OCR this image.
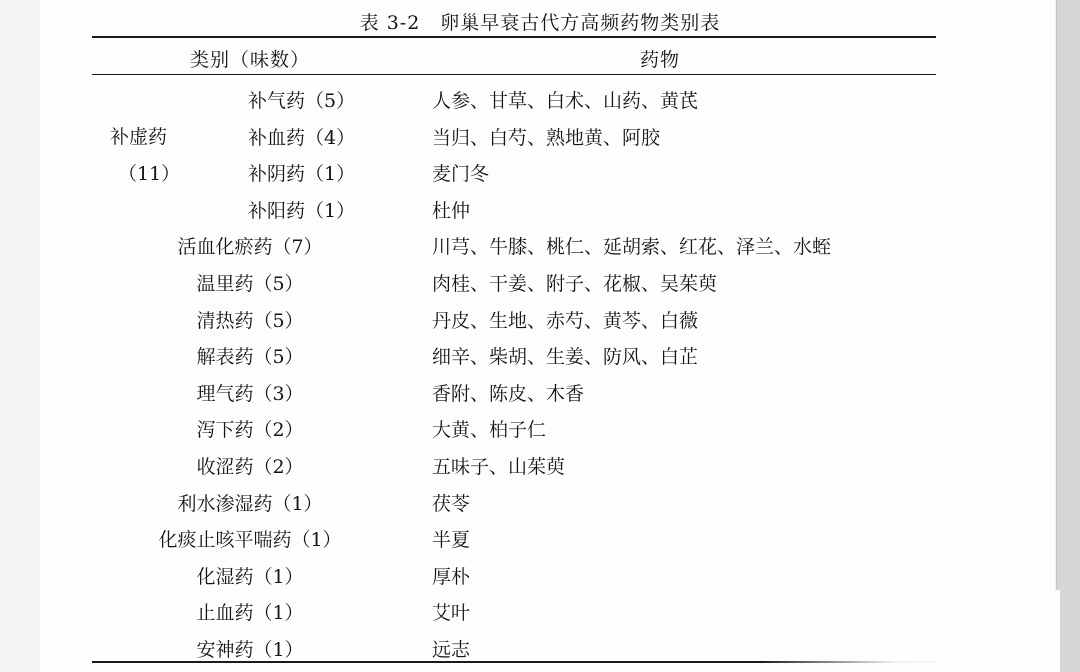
表 3-2　卵巢早衰古代方高频药物类别表
类别（味数）	药物
补虚药
（11）
补气药（5）	人参、甘草、白术、山药、黄芪
补血药（4）	当归、白芍、熟地黄、阿胶
补阴药（1）	麦门冬
补阳药（1）	杜仲
活血化瘀药（7）	川芎、牛膝、桃仁、延胡索、红花、泽兰、水蛭
温里药（5）	肉桂、干姜、附子、花椒、吴茱萸
清热药（5）	丹皮、生地、赤芍、黄芩、白薇
解表药（5）	细辛、柴胡、生姜、防风、白芷
理气药（3）	香附、陈皮、木香
泻下药（2）	大黄、柏子仁
收涩药（2）	五味子、山茱萸
利水渗湿药（1）	茯苓
化痰止咳平喘药（1）	半夏
化湿药（1）	厚朴
止血药（1）	艾叶
安神药（1）	远志
